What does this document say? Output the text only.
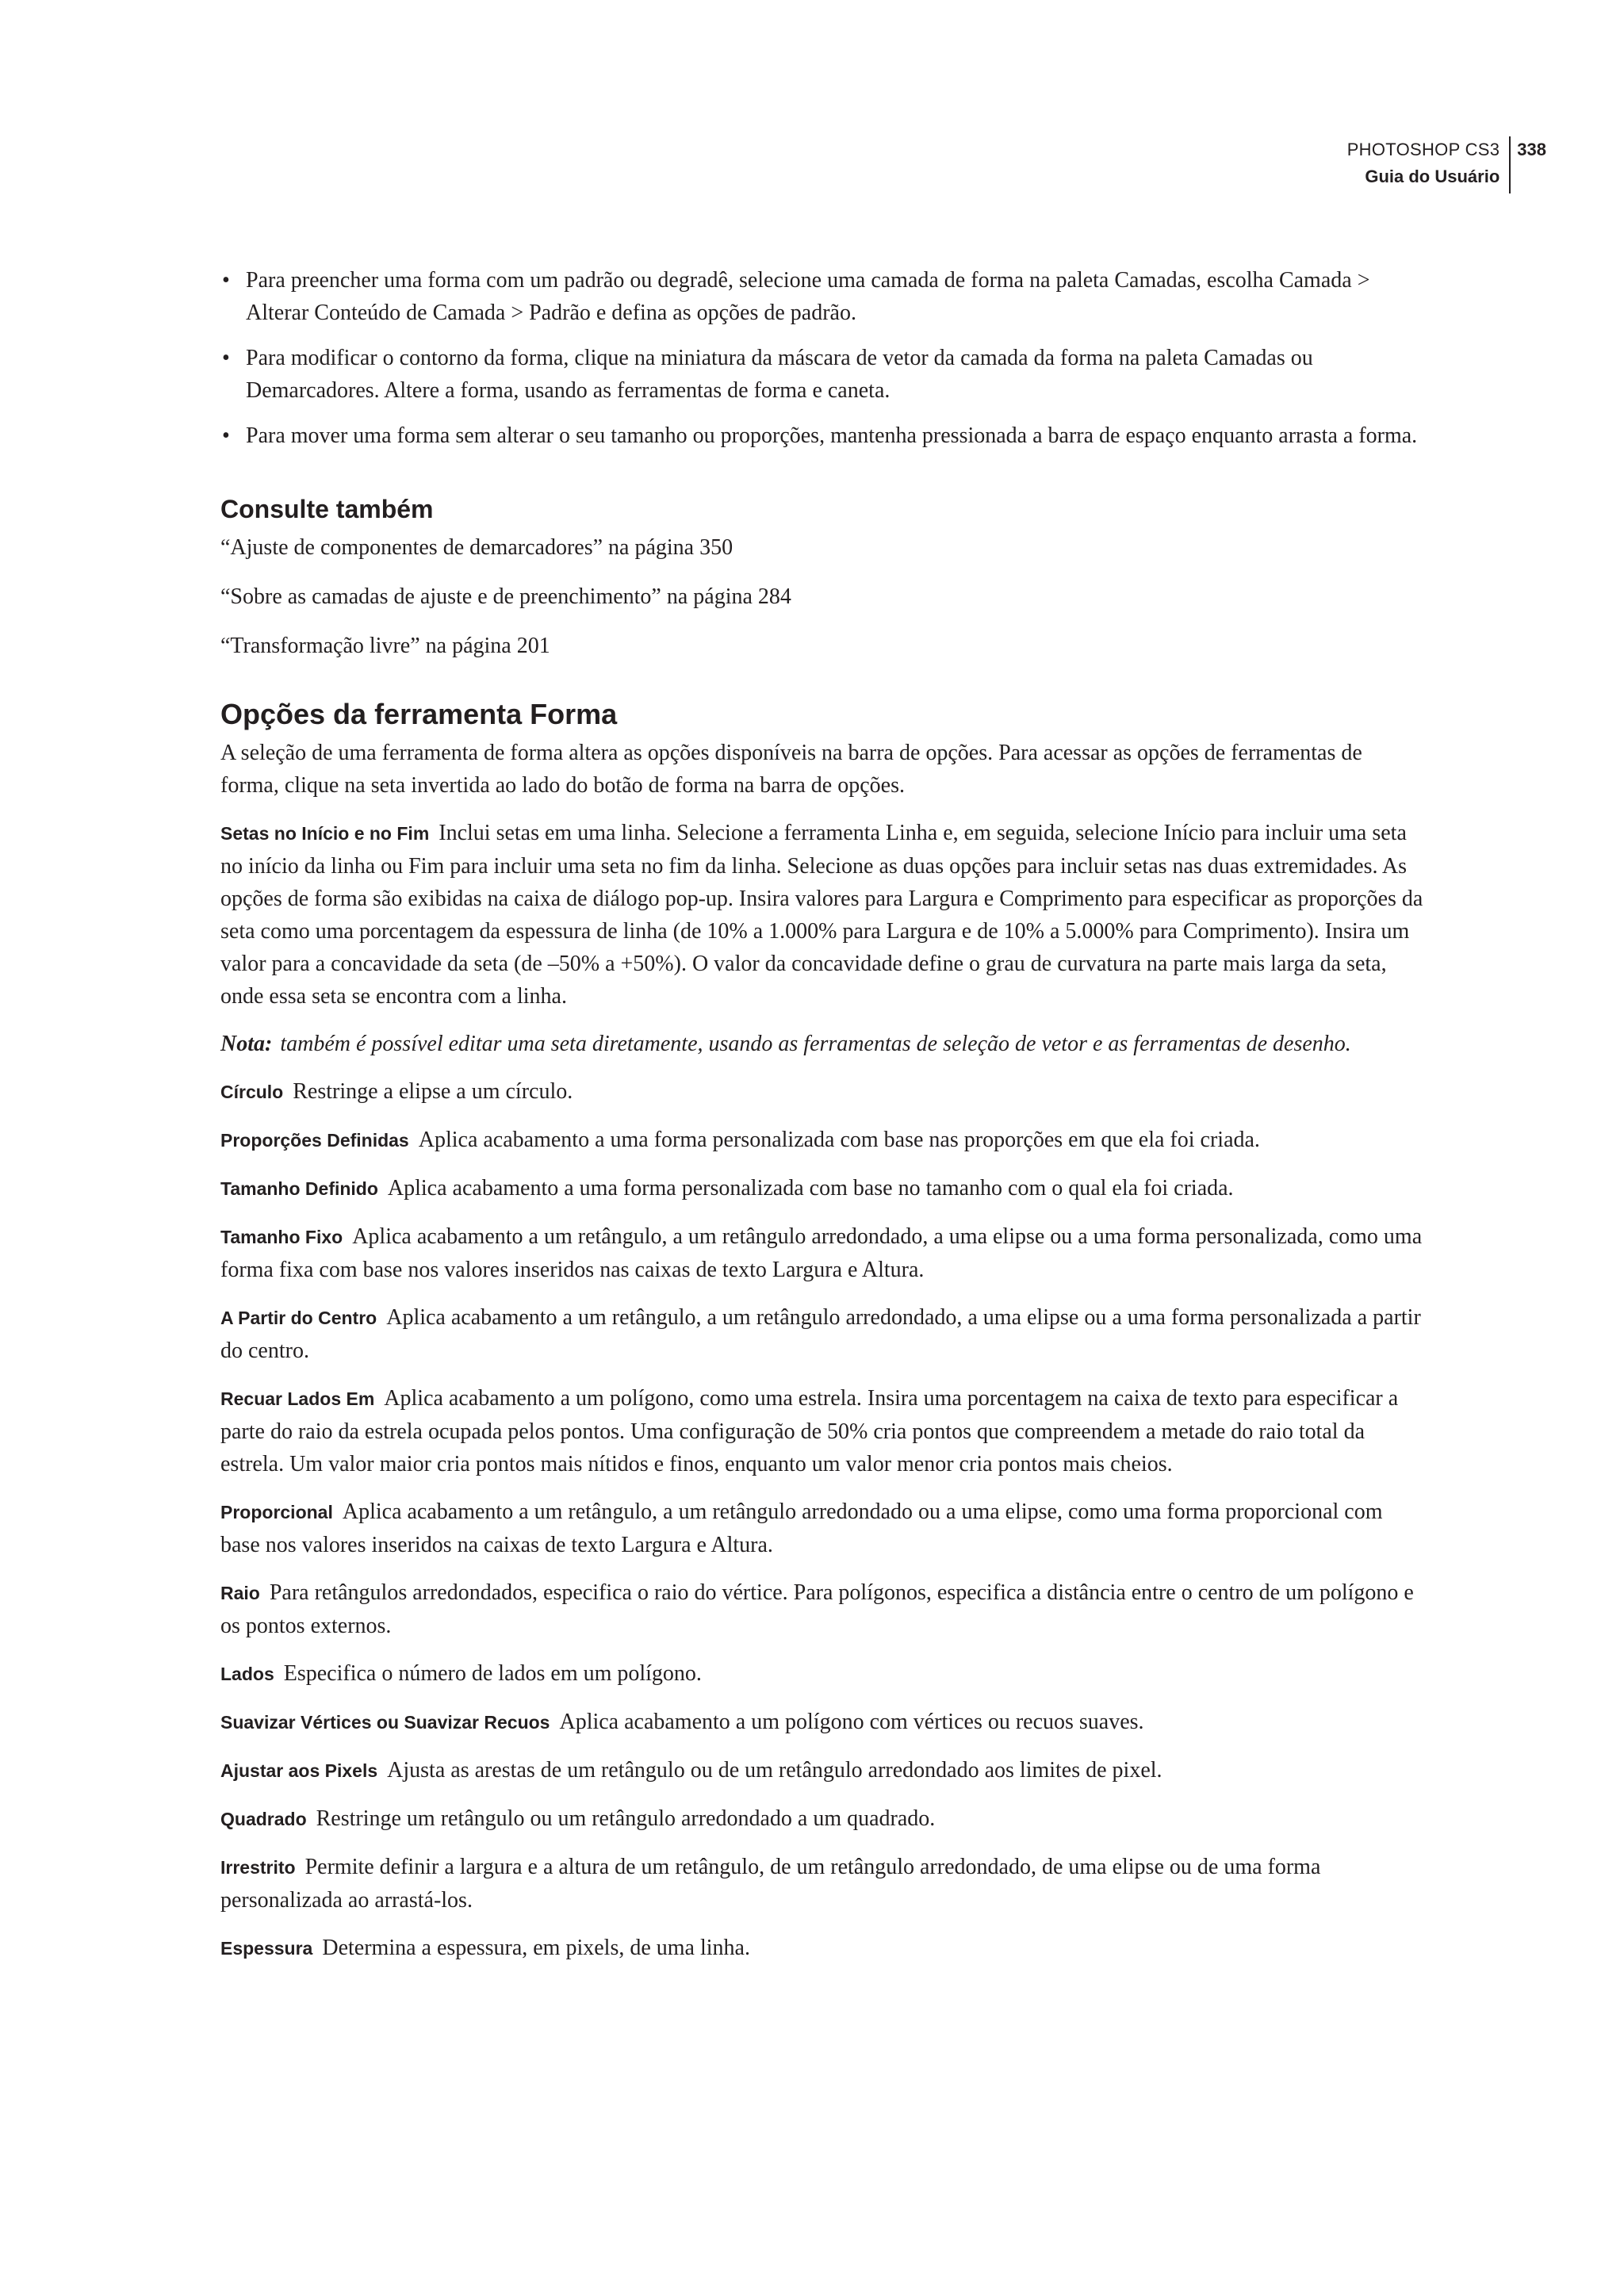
PHOTOSHOP CS3
Guia do Usuário
338
• Para preencher uma forma com um padrão ou degradê, selecione uma camada de forma na paleta Camadas, escolha Camada > Alterar Conteúdo de Camada > Padrão e defina as opções de padrão.
• Para modificar o contorno da forma, clique na miniatura da máscara de vetor da camada da forma na paleta Camadas ou Demarcadores. Altere a forma, usando as ferramentas de forma e caneta.
• Para mover uma forma sem alterar o seu tamanho ou proporções, mantenha pressionada a barra de espaço enquanto arrasta a forma.
Consulte também

“Ajuste de componentes de demarcadores” na página 350

“Sobre as camadas de ajuste e de preenchimento” na página 284

“Transformação livre” na página 201

Opções da ferramenta Forma

A seleção de uma ferramenta de forma altera as opções disponíveis na barra de opções. Para acessar as opções de ferramentas de forma, clique na seta invertida ao lado do botão de forma na barra de opções.

Setas no Início e no Fim Inclui setas em uma linha. Selecione a ferramenta Linha e, em seguida, selecione Início para incluir uma seta no início da linha ou Fim para incluir uma seta no fim da linha. Selecione as duas opções para incluir setas nas duas extremidades. As opções de forma são exibidas na caixa de diálogo pop-up. Insira valores para Largura e Comprimento para especificar as proporções da seta como uma porcentagem da espessura de linha (de 10% a 1.000% para Largura e de 10% a 5.000% para Comprimento). Insira um valor para a concavidade da seta (de –50% a +50%). O valor da concavidade define o grau de curvatura na parte mais larga da seta, onde essa seta se encontra com a linha.

Nota: também é possível editar uma seta diretamente, usando as ferramentas de seleção de vetor e as ferramentas de desenho.

Círculo Restringe a elipse a um círculo.

Proporções Definidas Aplica acabamento a uma forma personalizada com base nas proporções em que ela foi criada.

Tamanho Definido Aplica acabamento a uma forma personalizada com base no tamanho com o qual ela foi criada.

Tamanho Fixo Aplica acabamento a um retângulo, a um retângulo arredondado, a uma elipse ou a uma forma personalizada, como uma forma fixa com base nos valores inseridos nas caixas de texto Largura e Altura.

A Partir do Centro Aplica acabamento a um retângulo, a um retângulo arredondado, a uma elipse ou a uma forma personalizada a partir do centro.

Recuar Lados Em Aplica acabamento a um polígono, como uma estrela. Insira uma porcentagem na caixa de texto para especificar a parte do raio da estrela ocupada pelos pontos. Uma configuração de 50% cria pontos que compreendem a metade do raio total da estrela. Um valor maior cria pontos mais nítidos e finos, enquanto um valor menor cria pontos mais cheios.

Proporcional Aplica acabamento a um retângulo, a um retângulo arredondado ou a uma elipse, como uma forma proporcional com base nos valores inseridos na caixas de texto Largura e Altura.

Raio Para retângulos arredondados, especifica o raio do vértice. Para polígonos, especifica a distância entre o centro de um polígono e os pontos externos.

Lados Especifica o número de lados em um polígono.

Suavizar Vértices ou Suavizar Recuos Aplica acabamento a um polígono com vértices ou recuos suaves.

Ajustar aos Pixels Ajusta as arestas de um retângulo ou de um retângulo arredondado aos limites de pixel.

Quadrado Restringe um retângulo ou um retângulo arredondado a um quadrado.

Irrestrito Permite definir a largura e a altura de um retângulo, de um retângulo arredondado, de uma elipse ou de uma forma personalizada ao arrastá-los.

Espessura Determina a espessura, em pixels, de uma linha.
